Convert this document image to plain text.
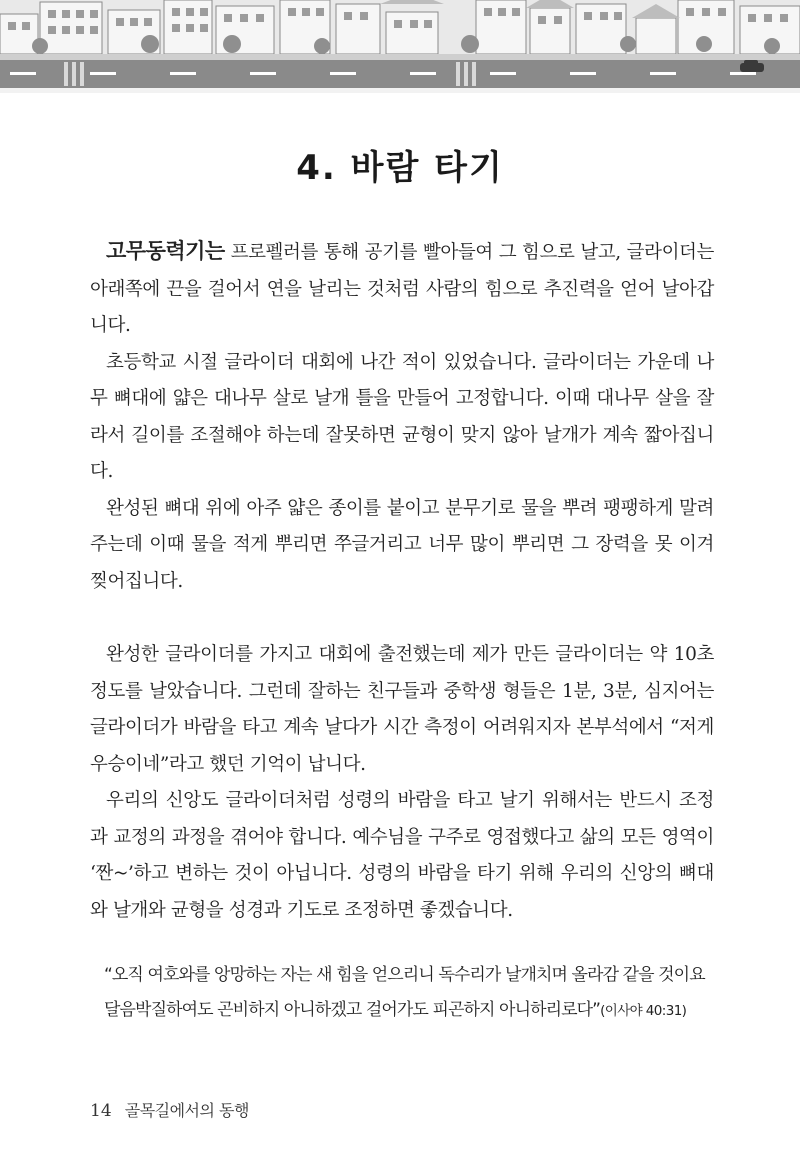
4. 바람 타기

고무동력기는 프로펠러를 통해 공기를 빨아들여 그 힘으로 날고, 글라이더는 아래쪽에 끈을 걸어서 연을 날리는 것처럼 사람의 힘으로 추진력을 얻어 날아갑니다.

초등학교 시절 글라이더 대회에 나간 적이 있었습니다. 글라이더는 가운데 나무 뼈대에 얇은 대나무 살로 날개 틀을 만들어 고정합니다. 이때 대나무 살을 잘라서 길이를 조절해야 하는데 잘못하면 균형이 맞지 않아 날개가 계속 짧아집니다.

완성된 뼈대 위에 아주 얇은 종이를 붙이고 분무기로 물을 뿌려 팽팽하게 말려주는데 이때 물을 적게 뿌리면 쭈글거리고 너무 많이 뿌리면 그 장력을 못 이겨 찢어집니다.

완성한 글라이더를 가지고 대회에 출전했는데 제가 만든 글라이더는 약 10초 정도를 날았습니다. 그런데 잘하는 친구들과 중학생 형들은 1분, 3분, 심지어는 글라이더가 바람을 타고 계속 날다가 시간 측정이 어려워지자 본부석에서 “저게 우승이네”라고 했던 기억이 납니다.

우리의 신앙도 글라이더처럼 성령의 바람을 타고 날기 위해서는 반드시 조정과 교정의 과정을 겪어야 합니다. 예수님을 구주로 영접했다고 삶의 모든 영역이 ‘짠~’하고 변하는 것이 아닙니다. 성령의 바람을 타기 위해 우리의 신앙의 뼈대와 날개와 균형을 성경과 기도로 조정하면 좋겠습니다.

“오직 여호와를 앙망하는 자는 새 힘을 얻으리니 독수리가 날개치며 올라감 같을 것이요 달음박질하여도 곤비하지 아니하겠고 걸어가도 피곤하지 아니하리로다”(이사야 40:31)

14 골목길에서의 동행
